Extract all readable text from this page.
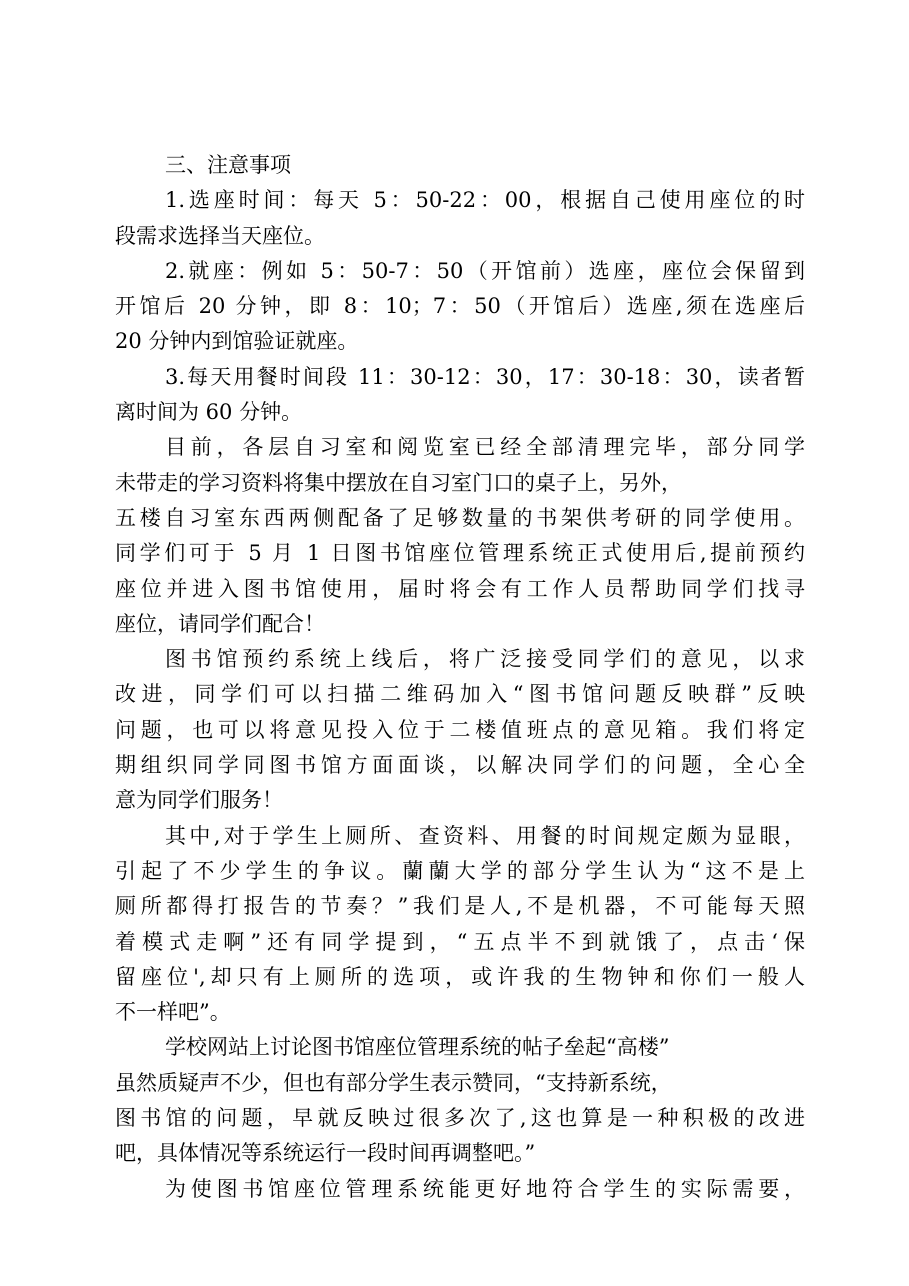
三、注意事项
1.选座时间：每天 5：50-22：00，根据自己使用座位的时
段需求选择当天座位。
2.就座：例如 5：50-7：50（开馆前）选座，座位会保留到
开馆后 20 分钟，即 8：10；7：50（开馆后）选座,须在选座后
20 分钟内到馆验证就座。
3.每天用餐时间段 11：30-12：30，17：30-18：30，读者暂
离时间为 60 分钟。
目前，各层自习室和阅览室已经全部清理完毕，部分同学
未带走的学习资料将集中摆放在自习室门口的桌子上，另外，
五楼自习室东西两侧配备了足够数量的书架供考研的同学使用。
同学们可于 5 月 1 日图书馆座位管理系统正式使用后,提前预约
座位并进入图书馆使用，届时将会有工作人员帮助同学们找寻
座位，请同学们配合！
图书馆预约系统上线后，将广泛接受同学们的意见，以求
改进，同学们可以扫描二维码加入“图书馆问题反映群”反映
问题，也可以将意见投入位于二楼值班点的意见箱。我们将定
期组织同学同图书馆方面面谈，以解决同学们的问题，全心全
意为同学们服务！
其中,对于学生上厕所、查资料、用餐的时间规定颇为显眼，
引起了不少学生的争议。蘭蘭大学的部分学生认为“这不是上
厕所都得打报告的节奏？”我们是人,不是机器，不可能每天照
着模式走啊”还有同学提到，“五点半不到就饿了，点击‘保
留座位',却只有上厕所的选项，或许我的生物钟和你们一般人
不一样吧”。
学校网站上讨论图书馆座位管理系统的帖子垒起“高楼”
虽然质疑声不少，但也有部分学生表示赞同，“支持新系统，
图书馆的问题，早就反映过很多次了,这也算是一种积极的改进
吧，具体情况等系统运行一段时间再调整吧。”
为使图书馆座位管理系统能更好地符合学生的实际需要，
